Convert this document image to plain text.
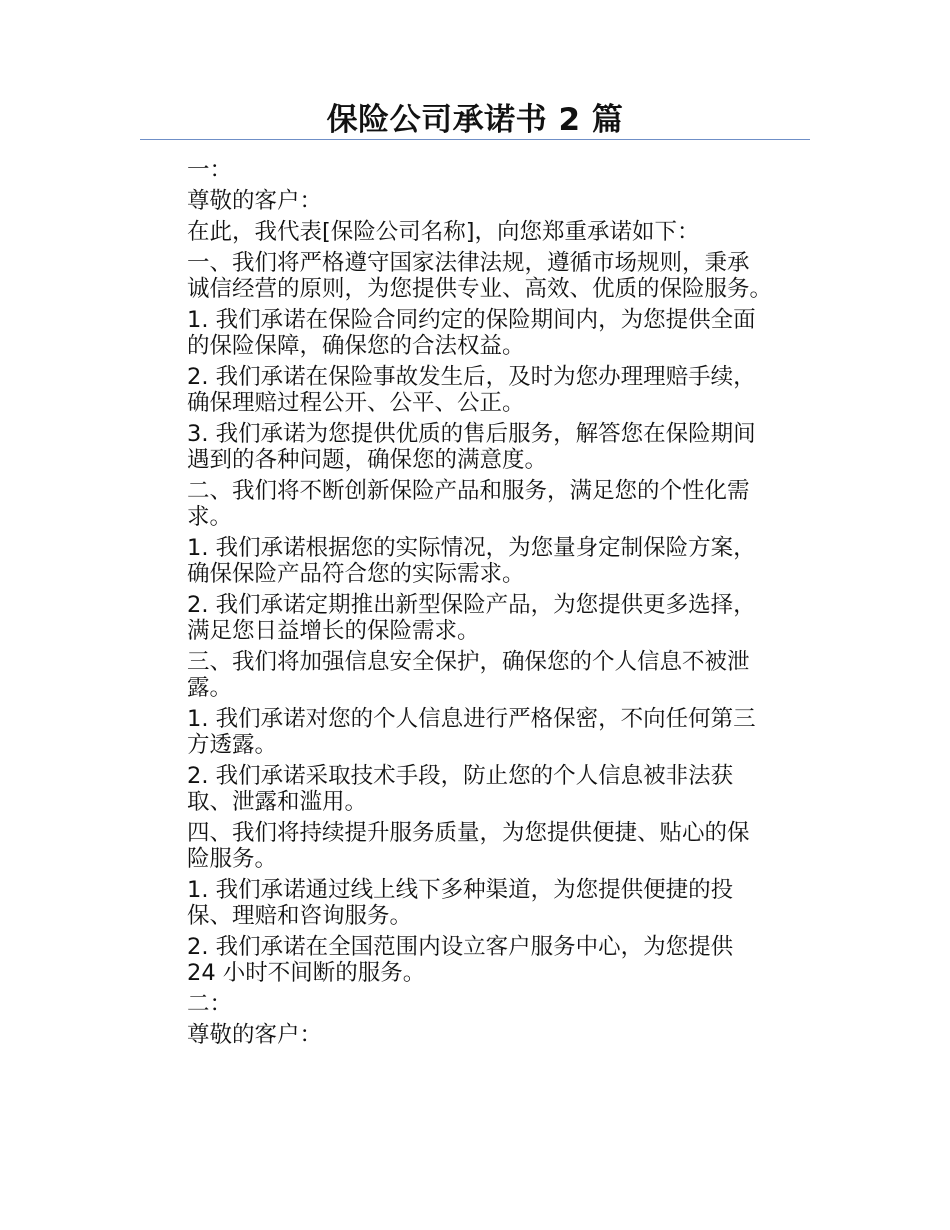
保险公司承诺书 2 篇

一：

尊敬的客户：

在此，我代表[保险公司名称]，向您郑重承诺如下：

一、我们将严格遵守国家法律法规，遵循市场规则，秉承
诚信经营的原则，为您提供专业、高效、优质的保险服务。

1. 我们承诺在保险合同约定的保险期间内，为您提供全面
的保险保障，确保您的合法权益。

2. 我们承诺在保险事故发生后，及时为您办理理赔手续，
确保理赔过程公开、公平、公正。

3. 我们承诺为您提供优质的售后服务，解答您在保险期间
遇到的各种问题，确保您的满意度。

二、我们将不断创新保险产品和服务，满足您的个性化需
求。

1. 我们承诺根据您的实际情况，为您量身定制保险方案，
确保保险产品符合您的实际需求。

2. 我们承诺定期推出新型保险产品，为您提供更多选择，
满足您日益增长的保险需求。

三、我们将加强信息安全保护，确保您的个人信息不被泄
露。

1. 我们承诺对您的个人信息进行严格保密，不向任何第三
方透露。

2. 我们承诺采取技术手段，防止您的个人信息被非法获
取、泄露和滥用。

四、我们将持续提升服务质量，为您提供便捷、贴心的保
险服务。

1. 我们承诺通过线上线下多种渠道，为您提供便捷的投
保、理赔和咨询服务。

2. 我们承诺在全国范围内设立客户服务中心，为您提供
24 小时不间断的服务。

二：

尊敬的客户：
